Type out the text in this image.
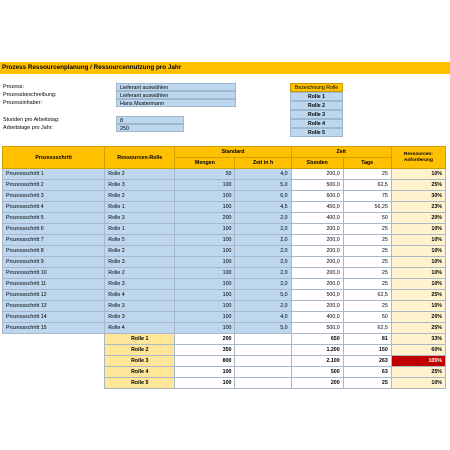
Prozess Ressourcenplanung / Ressourcennutzung pro Jahr
Prozess:	Lieferant auswählen
Prozessbeschreibung:	Lieferant auswählen
Prozessinhaber:	Hans Mustermann
Stunden pro Arbeitstag:	8
Arbeitstage pro Jahr:	250
Bezeichnung Rolle
Rolle 1
Rolle 2
Rolle 3
Rolle 4
Rolle 5
Prozessschritt	Ressourcen-Rolle	Standard		Zeit		Ressourcen-Anforderung
		Mengen	Zeit in h	Stunden	Tage	
Prozessschritt 1	Rolle 2	50	4,0	200,0	25	10%
Prozessschritt 2	Rolle 3	100	5,0	500,0	62,5	25%
Prozessschritt 3	Rolle 2	100	6,0	600,0	75	30%
Prozessschritt 4	Rolle 1	100	4,5	450,0	56,25	23%
Prozessschritt 5	Rolle 3	200	2,0	400,0	50	20%
Prozessschritt 6	Rolle 1	100	2,0	200,0	25	10%
Prozessschritt 7	Rolle 5	100	2,0	200,0	25	10%
Prozessschritt 8	Rolle 2	100	2,0	200,0	25	10%
Prozessschritt 9	Rolle 3	100	2,0	200,0	25	10%
Prozessschritt 10	Rolle 2	100	2,0	200,0	25	10%
Prozessschritt 11	Rolle 3	100	2,0	200,0	25	10%
Prozessschritt 12	Rolle 4	100	5,0	500,0	62,5	25%
Prozessschritt 13	Rolle 3	100	2,0	200,0	25	10%
Prozessschritt 14	Rolle 3	100	4,0	400,0	50	20%
Prozessschritt 15	Rolle 4	100	5,0	500,0	62,5	25%
	Rolle 1	200		650	81	33%
	Rolle 2	350		1.200	150	60%
	Rolle 3	800		2.100	263	105%
	Rolle 4	100		500	63	25%
	Rolle 5	100		200	25	10%
